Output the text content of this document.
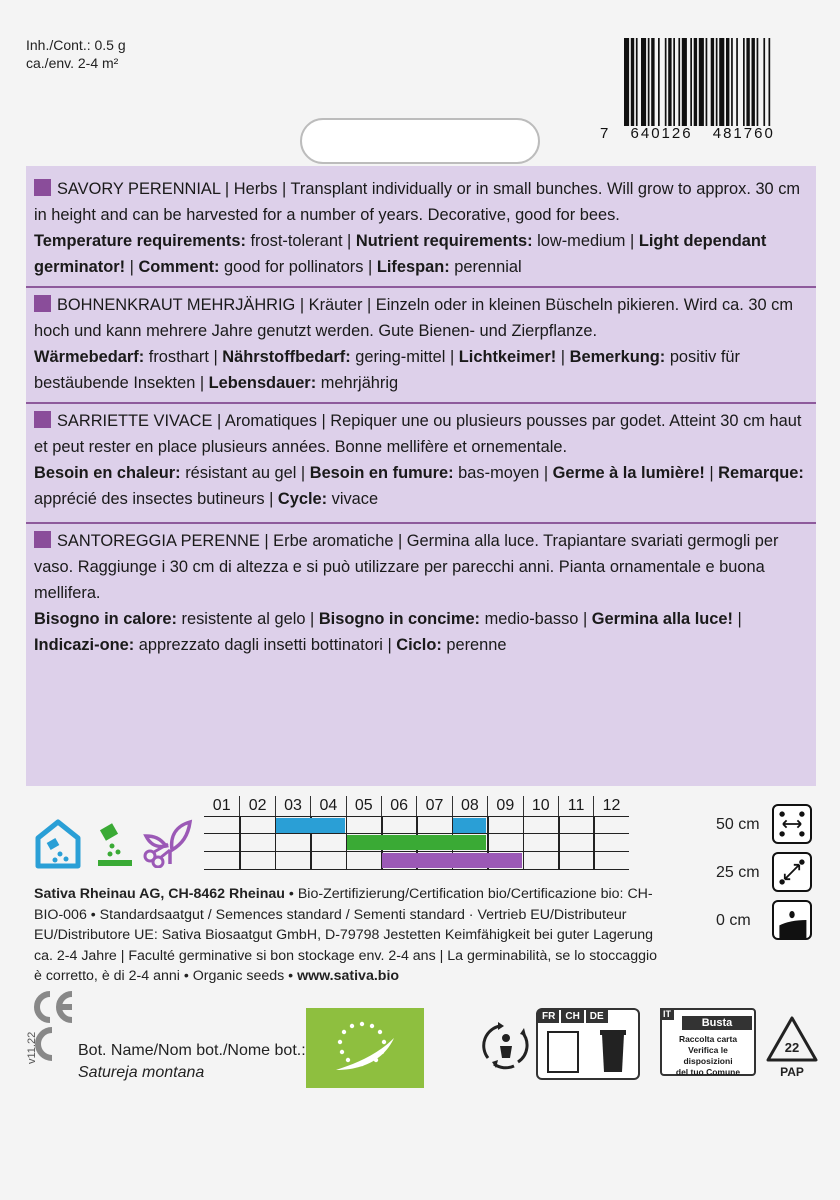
Inh./Cont.: 0.5 g
ca./env. 2-4 m²
7 640126 481760
SAVORY PERENNIAL | Herbs | Transplant individually or in small bunches. Will grow to approx. 30 cm in height and can be harvested for a number of years. Decorative, good for bees.
Temperature requirements: frost-tolerant | Nutrient requirements: low-medium | Light dependant germinator! | Comment: good for pollinators | Lifespan: perennial
BOHNENKRAUT MEHRJÄHRIG | Kräuter | Einzeln oder in kleinen Büscheln pikieren. Wird ca. 30 cm hoch und kann mehrere Jahre genutzt werden. Gute Bienen- und Zierpflanze.
Wärmebedarf: frosthart | Nährstoffbedarf: gering-mittel | Lichtkeimer! | Bemerkung: positiv für bestäubende Insekten | Lebensdauer: mehrjährig
SARRIETTE VIVACE | Aromatiques | Repiquer une ou plusieurs pousses par godet. Atteint 30 cm haut et peut rester en place plusieurs années. Bonne mellifère et ornementale.
Besoin en chaleur: résistant au gel | Besoin en fumure: bas-moyen | Germe à la lumière! | Remarque: apprécié des insectes butineurs | Cycle: vivace
SANTOREGGIA PERENNE | Erbe aromatiche | Germina alla luce. Trapiantare svariati germogli per vaso. Raggiunge i 30 cm di altezza e si può utilizzare per parecchi anni. Pianta ornamentale e buona mellifera.
Bisogno in calore: resistente al gelo | Bisogno in concime: medio-basso | Germina alla luce! | Indicazi-one: apprezzato dagli insetti bottinatori | Ciclo: perenne
01	02	03	04	05	06	07	08	09	10	11	12
50 cm
25 cm
0 cm
Sativa Rheinau AG, CH-8462 Rheinau • Bio-Zertifizierung/Certification bio/Certificazione bio: CH-BIO-006 • Standardsaatgut / Semences standard / Sementi standard · Vertrieb EU/Distributeur EU/Distributore UE: Sativa Biosaatgut GmbH, D-79798 Jestetten Keimfähigkeit bei guter Lagerung ca. 2-4 Jahre | Faculté germinative si bon stockage env. 2-4 ans | La germinabilità, se lo stoccaggio è corretto, è di 2-4 anni • Organic seeds • www.sativa.bio
v11.22	Bot. Name/Nom bot./Nome bot.:
Satureja montana
FR	CH	DE	IT
Busta
Raccolta carta
Verifica le disposizioni
del tuo Comune
22
PAP
